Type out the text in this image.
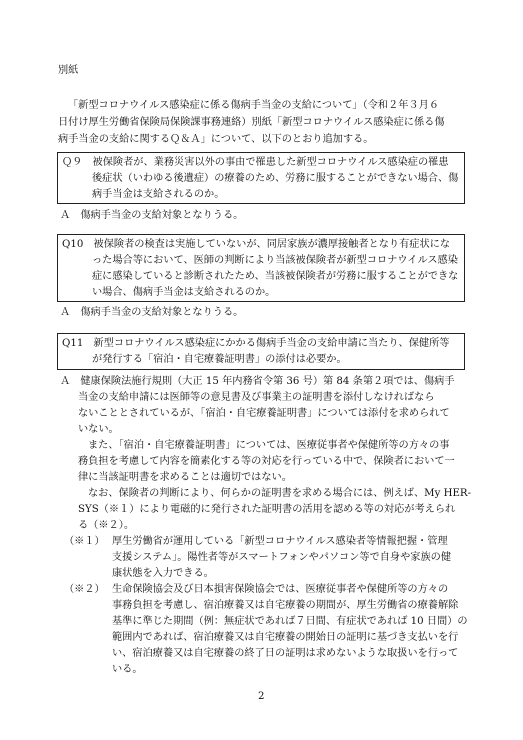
別紙
「新型コロナウイルス感染症に係る傷病手当金の支給について」（令和２年３月６
日付け厚生労働省保険局保険課事務連絡）別紙「新型コロナウイルス感染症に係る傷
病手当金の支給に関するＱ＆Ａ」について、以下のとおり追加する。
Ｑ９　被保険者が、業務災害以外の事由で罹患した新型コロナウイルス感染症の罹患
後症状（いわゆる後遺症）の療養のため、労務に服することができない場合、傷
病手当金は支給されるのか。
Ａ　傷病手当金の支給対象となりうる。
Q10　被保険者の検査は実施していないが、同居家族が濃厚接触者となり有症状にな
った場合等において、医師の判断により当該被保険者が新型コロナウイルス感染
症に感染していると診断されたため、当該被保険者が労務に服することができな
い場合、傷病手当金は支給されるのか。
Ａ　傷病手当金の支給対象となりうる。
Q11　新型コロナウイルス感染症にかかる傷病手当金の支給申請に当たり、保健所等
が発行する「宿泊・自宅療養証明書」の添付は必要か。
Ａ　健康保険法施行規則（大正 15 年内務省令第 36 号）第 84 条第２項では、傷病手
当金の支給申請には医師等の意見書及び事業主の証明書を添付しなければなら
ないこととされているが、「宿泊・自宅療養証明書」については添付を求められて
いない。
また、「宿泊・自宅療養証明書」については、医療従事者や保健所等の方々の事
務負担を考慮して内容を簡素化する等の対応を行っている中で、保険者において一
律に当該証明書を求めることは適切ではない。
なお、保険者の判断により、何らかの証明書を求める場合には、例えば、My HER-
SYS（※１）により電磁的に発行された証明書の活用を認める等の対応が考えられ
る（※２）。
（※１） 厚生労働省が運用している「新型コロナウイルス感染者等情報把握・管理
支援システム」。陽性者等がスマートフォンやパソコン等で自身や家族の健
康状態を入力できる。
（※２） 生命保険協会及び日本損害保険協会では、医療従事者や保健所等の方々の
事務負担を考慮し、宿泊療養又は自宅療養の期間が、厚生労働省の療養解除
基準に準じた期間（例：無症状であれば７日間、有症状であれば 10 日間）の
範囲内であれば、宿泊療養又は自宅療養の開始日の証明に基づき支払いを行
い、宿泊療養又は自宅療養の終了日の証明は求めないような取扱いを行って
いる。
2
